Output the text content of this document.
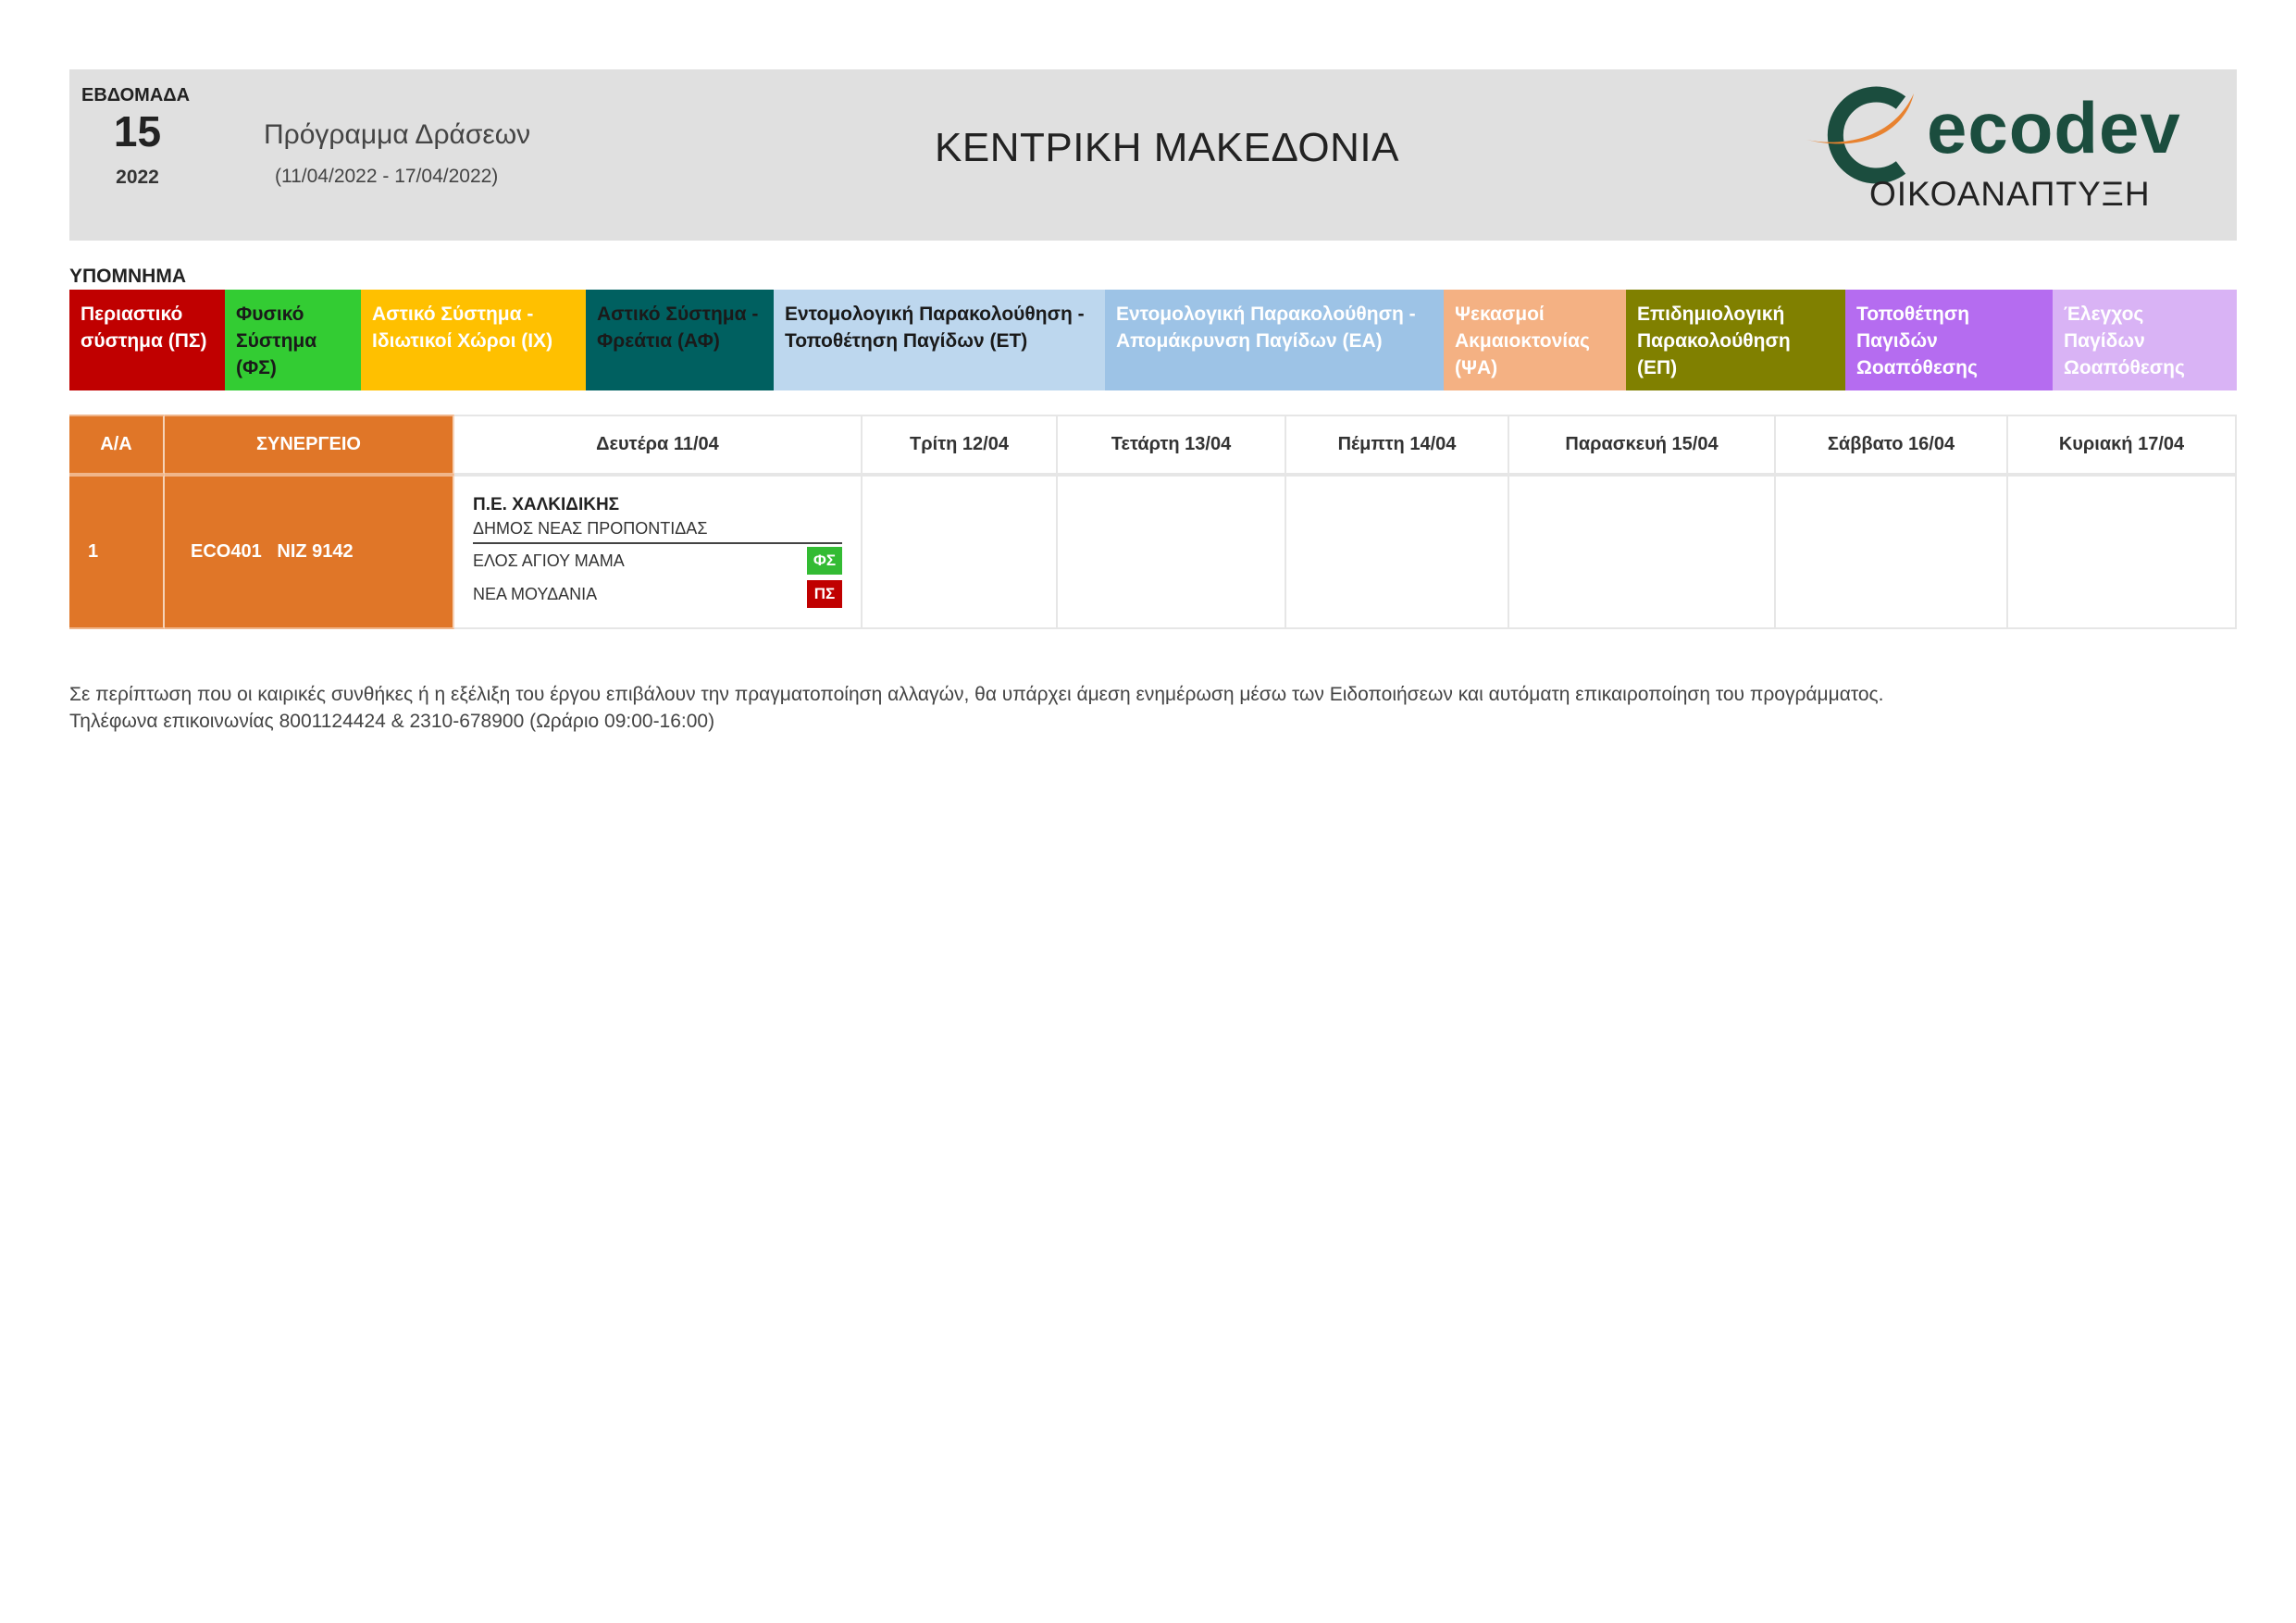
ΕΒΔΟΜΑΔΑ
15
2022
Πρόγραμμα Δράσεων
(11/04/2022 - 17/04/2022)
ΚΕΝΤΡΙΚΗ ΜΑΚΕΔΟΝΙΑ	ecodev
ΟΙΚΟΑΝΑΠΤΥΞΗ
ΥΠΟΜΝΗΜΑ
Περιαστικό σύστημα (ΠΣ)
Φυσικό Σύστημα (ΦΣ)
Αστικό Σύστημα - Ιδιωτικοί Χώροι (ΙΧ)
Αστικό Σύστημα - Φρεάτια (ΑΦ)
Εντομολογική Παρακολούθηση - Τοποθέτηση Παγίδων (ΕΤ)
Εντομολογική Παρακολούθηση - Απομάκρυνση Παγίδων (ΕΑ)
Ψεκασμοί Ακμαιοκτονίας (ΨΑ)
Επιδημιολογική Παρακολούθηση (ΕΠ)
Τοποθέτηση Παγιδών Ωοαπόθεσης
Έλεγχος Παγίδων Ωοαπόθεσης
Α/Α	ΣΥΝΕΡΓΕΙΟ	Δευτέρα 11/04	Τρίτη 12/04	Τετάρτη 13/04	Πέμπτη 14/04	Παρασκευή 15/04	Σάββατο 16/04	Κυριακή 17/04
1	ECO401   NIZ 9142
Π.Ε. ΧΑΛΚΙΔΙΚΗΣ
ΔΗΜΟΣ ΝΕΑΣ ΠΡΟΠΟΝΤΙΔΑΣ
ΕΛΟΣ ΑΓΙΟΥ ΜΑΜΑ	ΦΣ
ΝΕΑ ΜΟΥΔΑΝΙΑ	ΠΣ
Σε περίπτωση που οι καιρικές συνθήκες ή η εξέλιξη του έργου επιβάλουν την πραγματοποίηση αλλαγών, θα υπάρχει άμεση ενημέρωση μέσω των Ειδοποιήσεων και αυτόματη επικαιροποίηση του προγράμματος.
Τηλέφωνα επικοινωνίας 8001124424 & 2310-678900 (Ωράριο 09:00-16:00)
